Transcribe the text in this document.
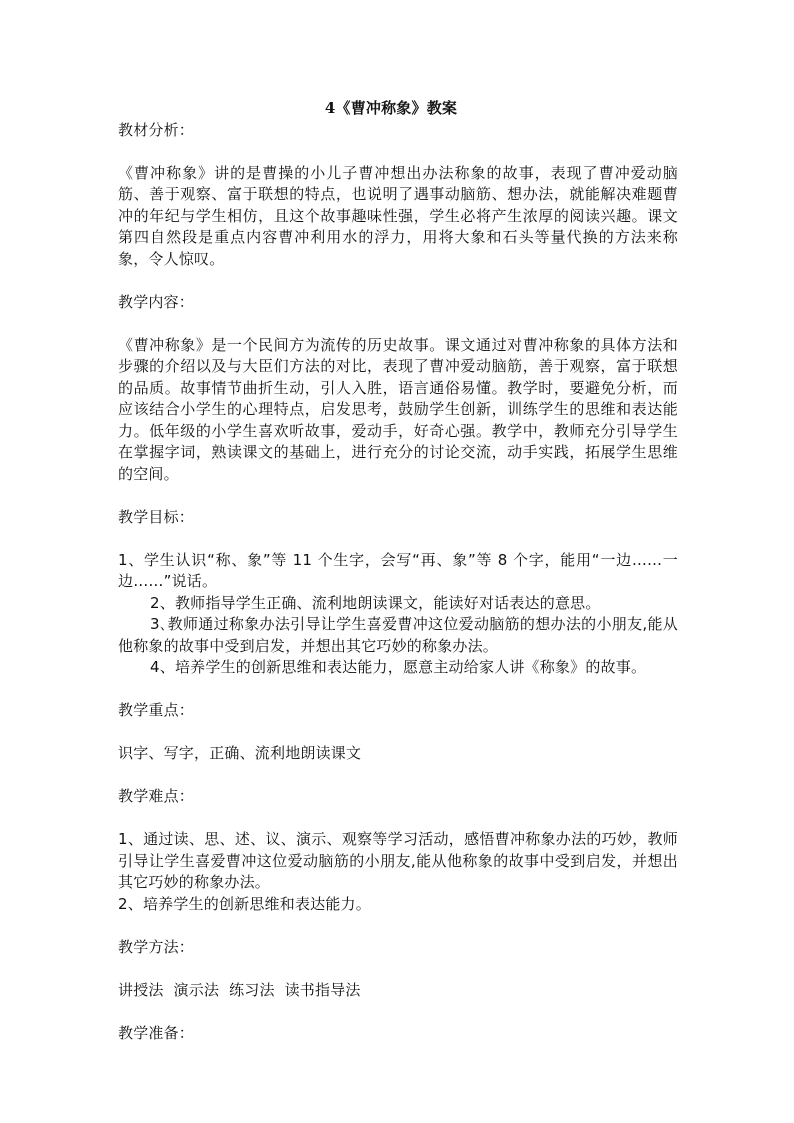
4《曹冲称象》教案

教材分析：

《曹冲称象》讲的是曹操的小儿子曹冲想出办法称象的故事，表现了曹冲爱动脑筋、善于观察、富于联想的特点，也说明了遇事动脑筋、想办法，就能解决难题曹冲的年纪与学生相仿，且这个故事趣味性强，学生必将产生浓厚的阅读兴趣。课文第四自然段是重点内容曹冲利用水的浮力，用将大象和石头等量代换的方法来称象，令人惊叹。

教学内容：

《曹冲称象》是一个民间方为流传的历史故事。课文通过对曹冲称象的具体方法和步骤的介绍以及与大臣们方法的对比，表现了曹冲爱动脑筋，善于观察，富于联想的品质。故事情节曲折生动，引人入胜，语言通俗易懂。教学时，要避免分析，而应该结合小学生的心理特点，启发思考，鼓励学生创新，训练学生的思维和表达能力。低年级的小学生喜欢听故事，爱动手，好奇心强。教学中，教师充分引导学生在掌握字词，熟读课文的基础上，进行充分的讨论交流，动手实践，拓展学生思维的空间。

教学目标：

1、学生认识“称、象”等 11 个生字，会写“再、象”等 8 个字，能用“一边……一边……”说话。

2、教师指导学生正确、流利地朗读课文，能读好对话表达的意思。

3､教师通过称象办法引导让学生喜爱曹冲这位爱动脑筋的想办法的小朋友,能从他称象的故事中受到启发，并想出其它巧妙的称象办法。

4、培养学生的创新思维和表达能力，愿意主动给家人讲《称象》的故事。

教学重点：

识字、写字，正确、流利地朗读课文

教学难点：

1、通过读、思、述、议、演示、观察等学习活动，感悟曹冲称象办法的巧妙，教师引导让学生喜爱曹冲这位爱动脑筋的小朋友,能从他称象的故事中受到启发，并想出其它巧妙的称象办法。

2、培养学生的创新思维和表达能力。

教学方法：

讲授法  演示法  练习法  读书指导法

教学准备：
